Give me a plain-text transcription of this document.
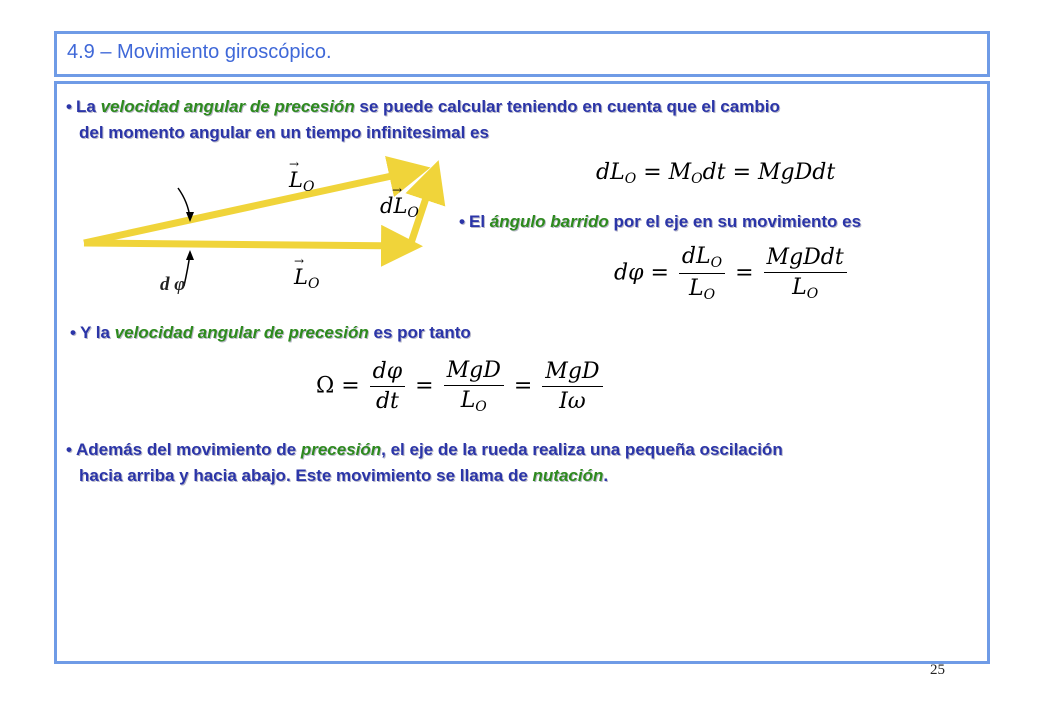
4.9 – Movimiento giroscópico.
• La velocidad angular de precesión se puede calcular teniendo en cuenta que el cambio
del momento angular en un tiempo infinitesimal es
→
$L_O$	→
$dL_O$
→
$L_O$
d φ
$dL_O = M_Odt$ = MgDdt
• El ángulo barrido por el eje en su movimiento es
$d\varphi = \frac{dL_O}{L_O} = \frac{\text{MgDdt}}{L_O}$
• Y la velocidad angular de precesión es por tanto
$\Omega = \frac{d\varphi}{dt} = \frac{\text{MgD}}{L_O} = \frac{\text{MgD}}{I\omega}$
• Además del movimiento de precesión, el eje de la rueda realiza una pequeña oscilación
hacia arriba y hacia abajo. Este movimiento se llama de nutación.
25
